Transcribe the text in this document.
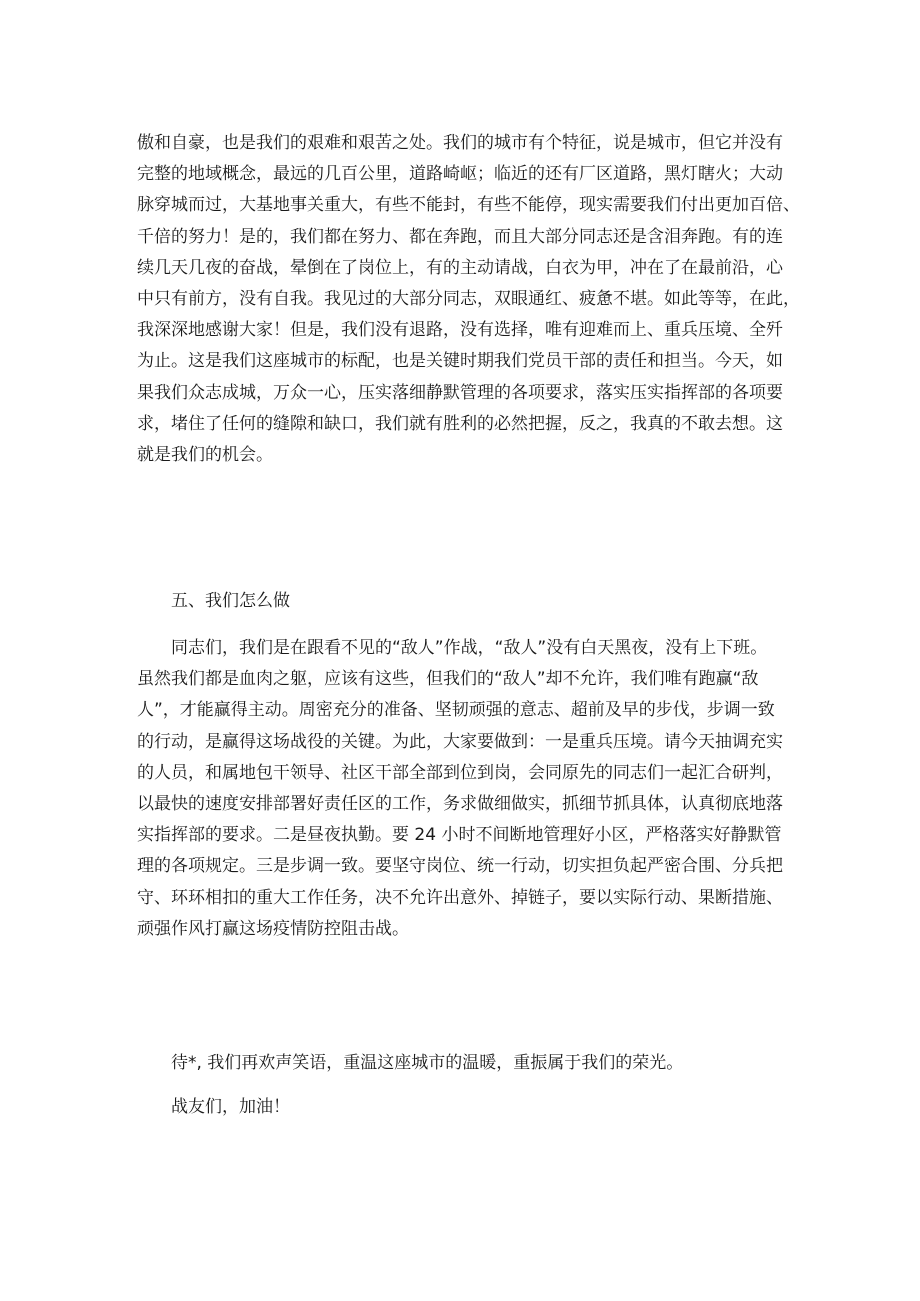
傲和自豪，也是我们的艰难和艰苦之处。我们的城市有个特征，说是城市，但它并没有
完整的地域概念，最远的几百公里，道路崎岖；临近的还有厂区道路，黑灯瞎火；大动
脉穿城而过，大基地事关重大，有些不能封，有些不能停，现实需要我们付出更加百倍、
千倍的努力！是的，我们都在努力、都在奔跑，而且大部分同志还是含泪奔跑。有的连
续几天几夜的奋战，晕倒在了岗位上，有的主动请战，白衣为甲，冲在了在最前沿，心
中只有前方，没有自我。我见过的大部分同志，双眼通红、疲惫不堪。如此等等，在此，
我深深地感谢大家！但是，我们没有退路，没有选择，唯有迎难而上、重兵压境、全歼
为止。这是我们这座城市的标配，也是关键时期我们党员干部的责任和担当。今天，如
果我们众志成城，万众一心，压实落细静默管理的各项要求，落实压实指挥部的各项要
求，堵住了任何的缝隙和缺口，我们就有胜利的必然把握，反之，我真的不敢去想。这
就是我们的机会。
五、我们怎么做
同志们，我们是在跟看不见的“敌人”作战，“敌人”没有白天黑夜，没有上下班。
虽然我们都是血肉之躯，应该有这些，但我们的“敌人”却不允许，我们唯有跑赢“敌
人”，才能赢得主动。周密充分的准备、坚韧顽强的意志、超前及早的步伐，步调一致
的行动，是赢得这场战役的关键。为此，大家要做到：一是重兵压境。请今天抽调充实
的人员，和属地包干领导、社区干部全部到位到岗，会同原先的同志们一起汇合研判，
以最快的速度安排部署好责任区的工作，务求做细做实，抓细节抓具体，认真彻底地落
实指挥部的要求。二是昼夜执勤。要 24 小时不间断地管理好小区，严格落实好静默管
理的各项规定。三是步调一致。要坚守岗位、统一行动，切实担负起严密合围、分兵把
守、环环相扣的重大工作任务，决不允许出意外、掉链子，要以实际行动、果断措施、
顽强作风打赢这场疫情防控阻击战。
待*, 我们再欢声笑语，重温这座城市的温暖，重振属于我们的荣光。
战友们，加油！
